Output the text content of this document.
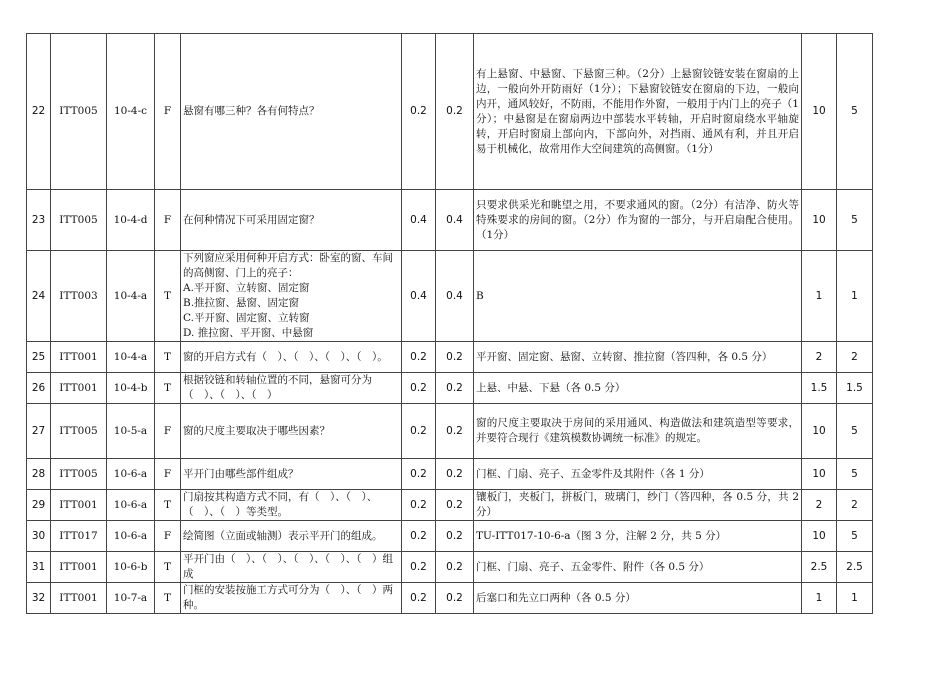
22	ITT005	10-4-c	F	悬窗有哪三种？各有何特点？	0.2	0.2	有上悬窗、中悬窗、下悬窗三种。（2分）上悬窗铰链安装在窗扇的上边，一般向外开防雨好（1分）；下悬窗铰链安在窗扇的下边，一般向内开，通风较好，不防雨，不能用作外窗，一般用于内门上的亮子（1分）；中悬窗是在窗扇两边中部装水平转轴，开启时窗扇绕水平轴旋转，开启时窗扇上部向内，下部向外，对挡雨、通风有利，并且开启易于机械化，故常用作大空间建筑的高侧窗。（1分）	10	5
23	ITT005	10-4-d	F	在何种情况下可采用固定窗？	0.4	0.4	只要求供采光和眺望之用，不要求通风的窗。（2分）有洁净、防火等特殊要求的房间的窗。（2分）作为窗的一部分，与开启扇配合使用。（1分）	10	5
24	ITT003	10-4-a	T	下列窗应采用何种开启方式：卧室的窗、车间的高侧窗、门上的亮子：
A.平开窗、立转窗、固定窗
B.推拉窗、悬窗、固定窗
C.平开窗、固定窗、立转窗
D. 推拉窗、平开窗、中悬窗	0.4	0.4	B	1	1
25	ITT001	10-4-a	T	窗的开启方式有（　）、（　）、（　）、（　）。	0.2	0.2	平开窗、固定窗、悬窗、立转窗、推拉窗（答四种，各 0.5 分）	2	2
26	ITT001	10-4-b	T	根据铰链和转轴位置的不同，悬窗可分为（　）、（　）、（　）	0.2	0.2	上悬、中悬、下悬（各 0.5 分）	1.5	1.5
27	ITT005	10-5-a	F	窗的尺度主要取决于哪些因素？	0.2	0.2	窗的尺度主要取决于房间的采用通风、构造做法和建筑造型等要求，并要符合现行《建筑模数协调统一标准》的规定。	10	5
28	ITT005	10-6-a	F	平开门由哪些部件组成？	0.2	0.2	门框、门扇、亮子、五金零件及其附件（各 1 分）	10	5
29	ITT001	10-6-a	T	门扇按其构造方式不同，有（　）、（　）、（　）、（　）等类型。	0.2	0.2	镶板门，夹板门，拼板门，玻璃门，纱门（答四种，各 0.5 分，共 2 分）	2	2
30	ITT017	10-6-a	F	绘简图（立面或轴测）表示平开门的组成。	0.2	0.2	TU-ITT017-10-6-a（图 3 分，注解 2 分，共 5 分）	10	5
31	ITT001	10-6-b	T	平开门由（　）、（　）、（　）、（　）、（　）组成	0.2	0.2	门框、门扇、亮子、五金零件、附件（各 0.5 分）	2.5	2.5
32	ITT001	10-7-a	T	门框的安装按施工方式可分为（　）、（　）两种。	0.2	0.2	后塞口和先立口两种（各 0.5 分）	1	1
